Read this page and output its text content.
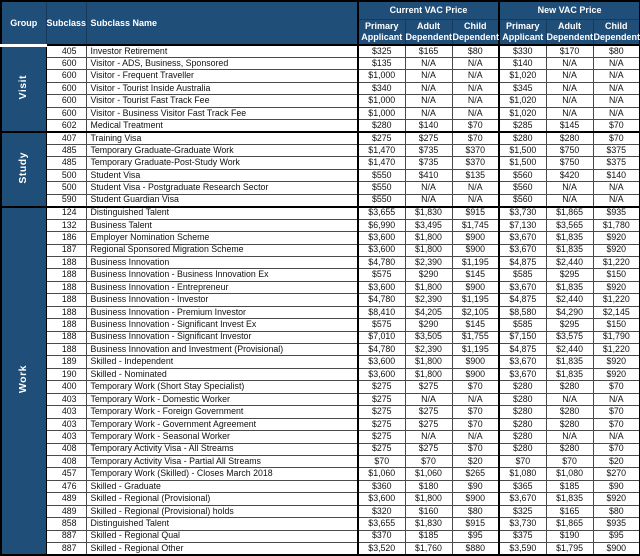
Group	Subclass	Subclass Name	Current VAC Price			New VAC Price		
			Primary Applicant	Adult Dependent	Child Dependent	Primary Applicant	Adult Dependent	Child Dependent
Visit	405	Investor Retirement	$325	$165	$80	$330	$170	$80
	600	Visitor - ADS, Business, Sponsored	$135	N/A	N/A	$140	N/A	N/A
	600	Visitor - Frequent Traveller	$1,000	N/A	N/A	$1,020	N/A	N/A
	600	Visitor - Tourist Inside Australia	$340	N/A	N/A	$345	N/A	N/A
	600	Visitor - Tourist Fast Track Fee	$1,000	N/A	N/A	$1,020	N/A	N/A
	600	Visitor - Business Visitor Fast Track Fee	$1,000	N/A	N/A	$1,020	N/A	N/A
	602	Medical Treatment	$280	$140	$70	$285	$145	$70
Study	407	Training Visa	$275	$275	$70	$280	$280	$70
	485	Temporary Graduate-Graduate Work	$1,470	$735	$370	$1,500	$750	$375
	485	Temporary Graduate-Post-Study Work	$1,470	$735	$370	$1,500	$750	$375
	500	Student Visa	$550	$410	$135	$560	$420	$140
	500	Student Visa - Postgraduate Research Sector	$550	N/A	N/A	$560	N/A	N/A
	590	Student Guardian Visa	$550	N/A	N/A	$560	N/A	N/A
Work	124	Distinguished Talent	$3,655	$1,830	$915	$3,730	$1,865	$935
	132	Business Talent	$6,990	$3,495	$1,745	$7,130	$3,565	$1,780
	186	Employer Nomination Scheme	$3,600	$1,800	$900	$3,670	$1,835	$920
	187	Regional Sponsored Migration Scheme	$3,600	$1,800	$900	$3,670	$1,835	$920
	188	Business Innovation	$4,780	$2,390	$1,195	$4,875	$2,440	$1,220
	188	Business Innovation - Business Innovation Ex	$575	$290	$145	$585	$295	$150
	188	Business Innovation - Entrepreneur	$3,600	$1,800	$900	$3,670	$1,835	$920
	188	Business Innovation - Investor	$4,780	$2,390	$1,195	$4,875	$2,440	$1,220
	188	Business Innovation - Premium Investor	$8,410	$4,205	$2,105	$8,580	$4,290	$2,145
	188	Business Innovation - Significant Invest Ex	$575	$290	$145	$585	$295	$150
	188	Business Innovation - Significant Investor	$7,010	$3,505	$1,755	$7,150	$3,575	$1,790
	188	Business Innovation and Investment (Provisional)	$4,780	$2,390	$1,195	$4,875	$2,440	$1,220
	189	Skilled - Independent	$3,600	$1,800	$900	$3,670	$1,835	$920
	190	Skilled - Nominated	$3,600	$1,800	$900	$3,670	$1,835	$920
	400	Temporary Work (Short Stay Specialist)	$275	$275	$70	$280	$280	$70
	403	Temporary Work - Domestic Worker	$275	N/A	N/A	$280	N/A	N/A
	403	Temporary Work - Foreign Government	$275	$275	$70	$280	$280	$70
	403	Temporary Work - Government Agreement	$275	$275	$70	$280	$280	$70
	403	Temporary Work - Seasonal Worker	$275	N/A	N/A	$280	N/A	N/A
	408	Temporary Activity Visa - All Streams	$275	$275	$70	$280	$280	$70
	408	Temporary Activity Visa - Partial All Streams	$70	$70	$20	$70	$70	$20
	457	Temporary Work (Skilled) - Closes March 2018	$1,060	$1,060	$265	$1,080	$1,080	$270
	476	Skilled - Graduate	$360	$180	$90	$365	$185	$90
	489	Skilled - Regional (Provisional)	$3,600	$1,800	$900	$3,670	$1,835	$920
	489	Skilled - Regional (Provisional) holds	$320	$160	$80	$325	$165	$80
	858	Distinguished Talent	$3,655	$1,830	$915	$3,730	$1,865	$935
	887	Skilled - Regional Qual	$370	$185	$95	$375	$190	$95
	887	Skilled - Regional Other	$3,520	$1,760	$880	$3,590	$1,795	$900
